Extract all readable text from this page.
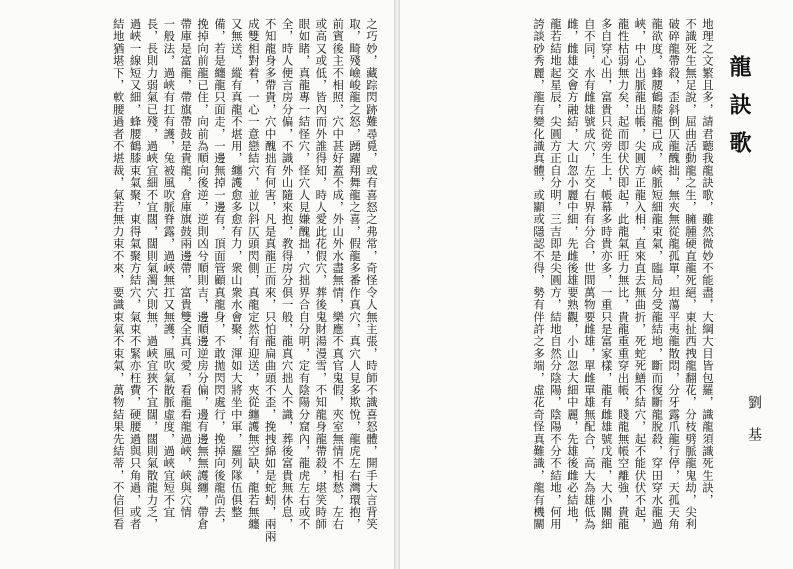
之巧妙，藏踪閃跡難尋覓，或有喜怒之弗常，奇怪令人無主張，時師不識喜怒體，開手大言背笑
取，畸殘嶮峻龍之怒，踴躍翔舞龍之喜，假龍多番作真穴，真穴人見多欺悅，龍虎左右灣環抱，
前賓後主不相照，穴中甚好蓋不成，外山外水盡無情，樂應不真官鬼假，夾室無情不相愁，左右
或高又或低，皆內而外誰得知，時人愛此花假穴，葬後鬼財湯漫雪，不知龍身龍帶殺，堪笑時師
眼如睹，真龍專一結怪穴，怪穴人見嫌醜拙，穴拙界合自分明，定有陰陽分窟內，龍虎左右或不
全，時人便言房分偏，不識外山隨來抱，教得房分俱一般，龍真穴拙人不識，葬後富貴無休息，
不知龍身多帶貴，穴中醜拙有何害，凡是真龍正而來，只怕龍扁曲頭不歪，挽拽綿如是蛇蚓，兩兩
成雙相對着，一心一意戀結穴，並以斜仄頭閃側，真龍定然有迎送，夾從纏護無空缺，龍若無纏
又無送，縱有真龍不堪用，纏護愈多愈有力，衆山衆水會聚，渾如大將坐中軍，羅列隊伍俱整
備，若是纏龍只面走，一邊無掉一邊有，頂面管顧真龍身，不敢拋閃閃處行，挽掉向後龍尚去，
挽掉向前龍已住，向前為順向後逆，逆則凶兮順則吉，邊順邊逆房分偏，邊有邊無無護纏，帶倉
帶庫是富龍，帶旗帶鼓是貴龍，倉庫旗鼓兩邊帶，富貴雙全真可愛，看龍看龍過峽，峽與穴情
一般法，過峽有扛有護，兔被風吹脈脊露，過峽無扛又無護，風吹氣散脈虛度，過峽宜短不宜
長，長則力弱氣已殘，過峽宜細不宜闊，闊則氣濁穴則無，過峽宜狹不宜闊，闊則氣散龍力乏，
過峽一線短又細，蜂腰鶴膝束氣聚，東得氣聚方結穴，氣束不緊亦枉費，硬腰過與只角過，或者
結地猶堪下，軟腰過者不堪裁，氣若無力束不來，要識束氣不束氣，萬物結果先結蒂，不信但看	地理之文繁且多，請君聽我龍訣歌，雖然微妙不能盡，大綱大目皆包羅，識龍須識死生訣，
不識死生無足說，屈曲活動龍之生，臃腫硬直龍死絕，東扯西拽龍翻花，分枝劈脈龍鬼劫，尖利
破碎龍帶殺，歪斜倒仄龍醜拙，無夾無從龍孤單，坦蕩平夷龍散悶，分牙露爪龍行停，天孤天角
龍欲度，蜂腰鶴膝龍已成，峽脈短細龍束氣，臨局分受龍結地，斷而復斷龍脫殺，穿田穿水龍過
峽，中心出脈龍出帳，尖圓方正龍入相，直來直去無曲折，死蛇死鱔不結穴，起不能伏伏不起，
龍性枯弱無力矣，起而即伏伏即起，此龍氣旺力無比，貴龍重重穿出帳，賤龍無帳空離強，貴龍
多自穿心出，富貴只從旁生上，帳幕多時貴亦多，一重只是富家樣，龍有雌雄號戊龍，大小關細
自不同，水有雌雄號成穴，左交右界有分合，世間萬物要雌雄，單雌單雄無配合，高大為雄低為
雌，雌雄交會方融結，大山忽小麗中細，先雌後雄要熟觀，小山忽大細中麗，先雄後雌必結地，
龍若結地起星辰，尖圓方正自分明，三吉即是尖圓方，結地自然分陰陽，陰陽不分不結地，何用
誇談砂秀麗，龍有變化識真體，或顯或隱認不得，勢有伴許之多端，虛花奇怪真難識，龍有機關	龍訣歌
劉基
